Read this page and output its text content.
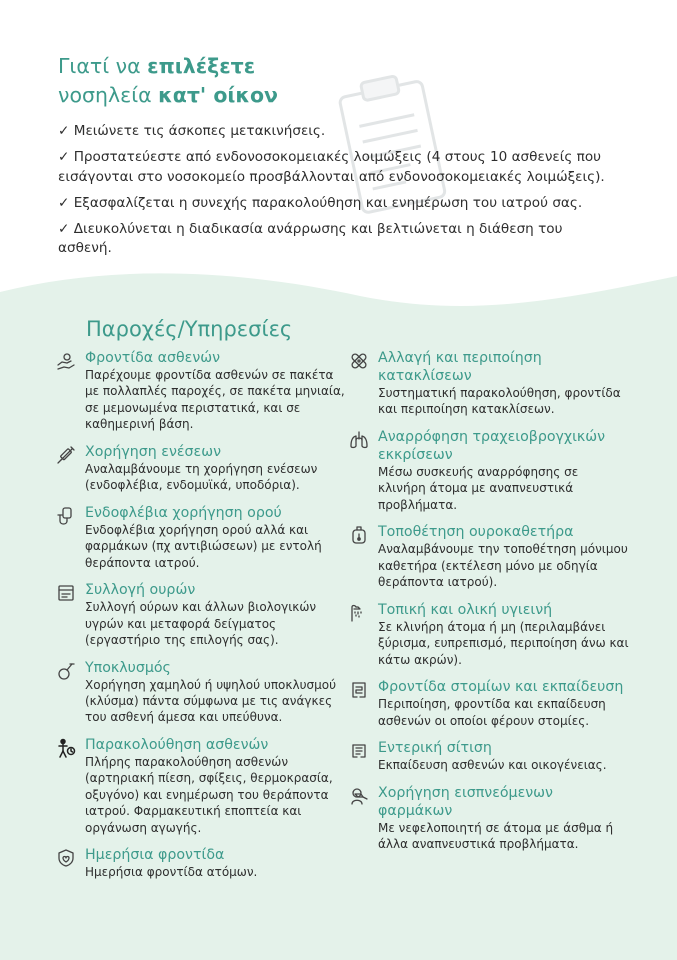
Γιατί να επιλέξετε
νοσηλεία κατ' οίκον
✓ Μειώνετε τις άσκοπες μετακινήσεις.
✓ Προστατεύεστε από ενδονοσοκομειακές λοιμώξεις (4 στους 10 ασθενείς που εισάγονται στο νοσοκομείο προσβάλλονται από ενδονοσοκομειακές λοιμώξεις).
✓ Εξασφαλίζεται η συνεχής παρακολούθηση και ενημέρωση του ιατρού σας.
✓ Διευκολύνεται η διαδικασία ανάρρωσης και βελτιώνεται η διάθεση του ασθενή.
Παροχές/Υπηρεσίες
Φροντίδα ασθενών
Παρέχουμε φροντίδα ασθενών σε πακέτα με πολλαπλές παροχές, σε πακέτα μηνιαία, σε μεμονωμένα περιστατικά, και σε καθημερινή βάση.
Χορήγηση ενέσεων
Αναλαμβάνουμε τη χορήγηση ενέσεων (ενδοφλέβια, ενδομυϊκά, υποδόρια).
Ενδοφλέβια χορήγηση ορού
Ενδοφλέβια χορήγηση ορού αλλά και φαρμάκων (πχ αντιβιώσεων) με εντολή θεράποντα ιατρού.
Συλλογή ουρών
Συλλογή ούρων και άλλων βιολογικών υγρών και μεταφορά δείγματος (εργαστήριο της επιλογής σας).
Υποκλυσμός
Χορήγηση χαμηλού ή υψηλού υποκλυσμού (κλύσμα) πάντα σύμφωνα με τις ανάγκες του ασθενή άμεσα και υπεύθυνα.
Παρακολούθηση ασθενών
Πλήρης παρακολούθηση ασθενών (αρτηριακή πίεση, σφίξεις, θερμοκρασία, οξυγόνο) και ενημέρωση του θεράποντα ιατρού. Φαρμακευτική εποπτεία και οργάνωση αγωγής.
Ημερήσια φροντίδα
Ημερήσια φροντίδα ατόμων.
Αλλαγή και περιποίηση κατακλίσεων
Συστηματική παρακολούθηση, φροντίδα και περιποίηση κατακλίσεων.
Αναρρόφηση τραχειοβρογχικών εκκρίσεων
Μέσω συσκευής αναρρόφησης σε κλινήρη άτομα με αναπνευστικά προβλήματα.
Τοποθέτηση ουροκαθετήρα
Αναλαμβάνουμε την τοποθέτηση μόνιμου καθετήρα (εκτέλεση μόνο με οδηγία θεράποντα ιατρού).
Τοπική και ολική υγιεινή
Σε κλινήρη άτομα ή μη (περιλαμβάνει ξύρισμα, ευπρεπισμό, περιποίηση άνω και κάτω ακρών).
Φροντίδα στομίων και εκπαίδευση
Περιποίηση, φροντίδα και εκπαίδευση ασθενών οι οποίοι φέρουν στομίες.
Εντερική σίτιση
Εκπαίδευση ασθενών και οικογένειας.
Χορήγηση εισπνεόμενων φαρμάκων
Με νεφελοποιητή σε άτομα με άσθμα ή άλλα αναπνευστικά προβλήματα.
